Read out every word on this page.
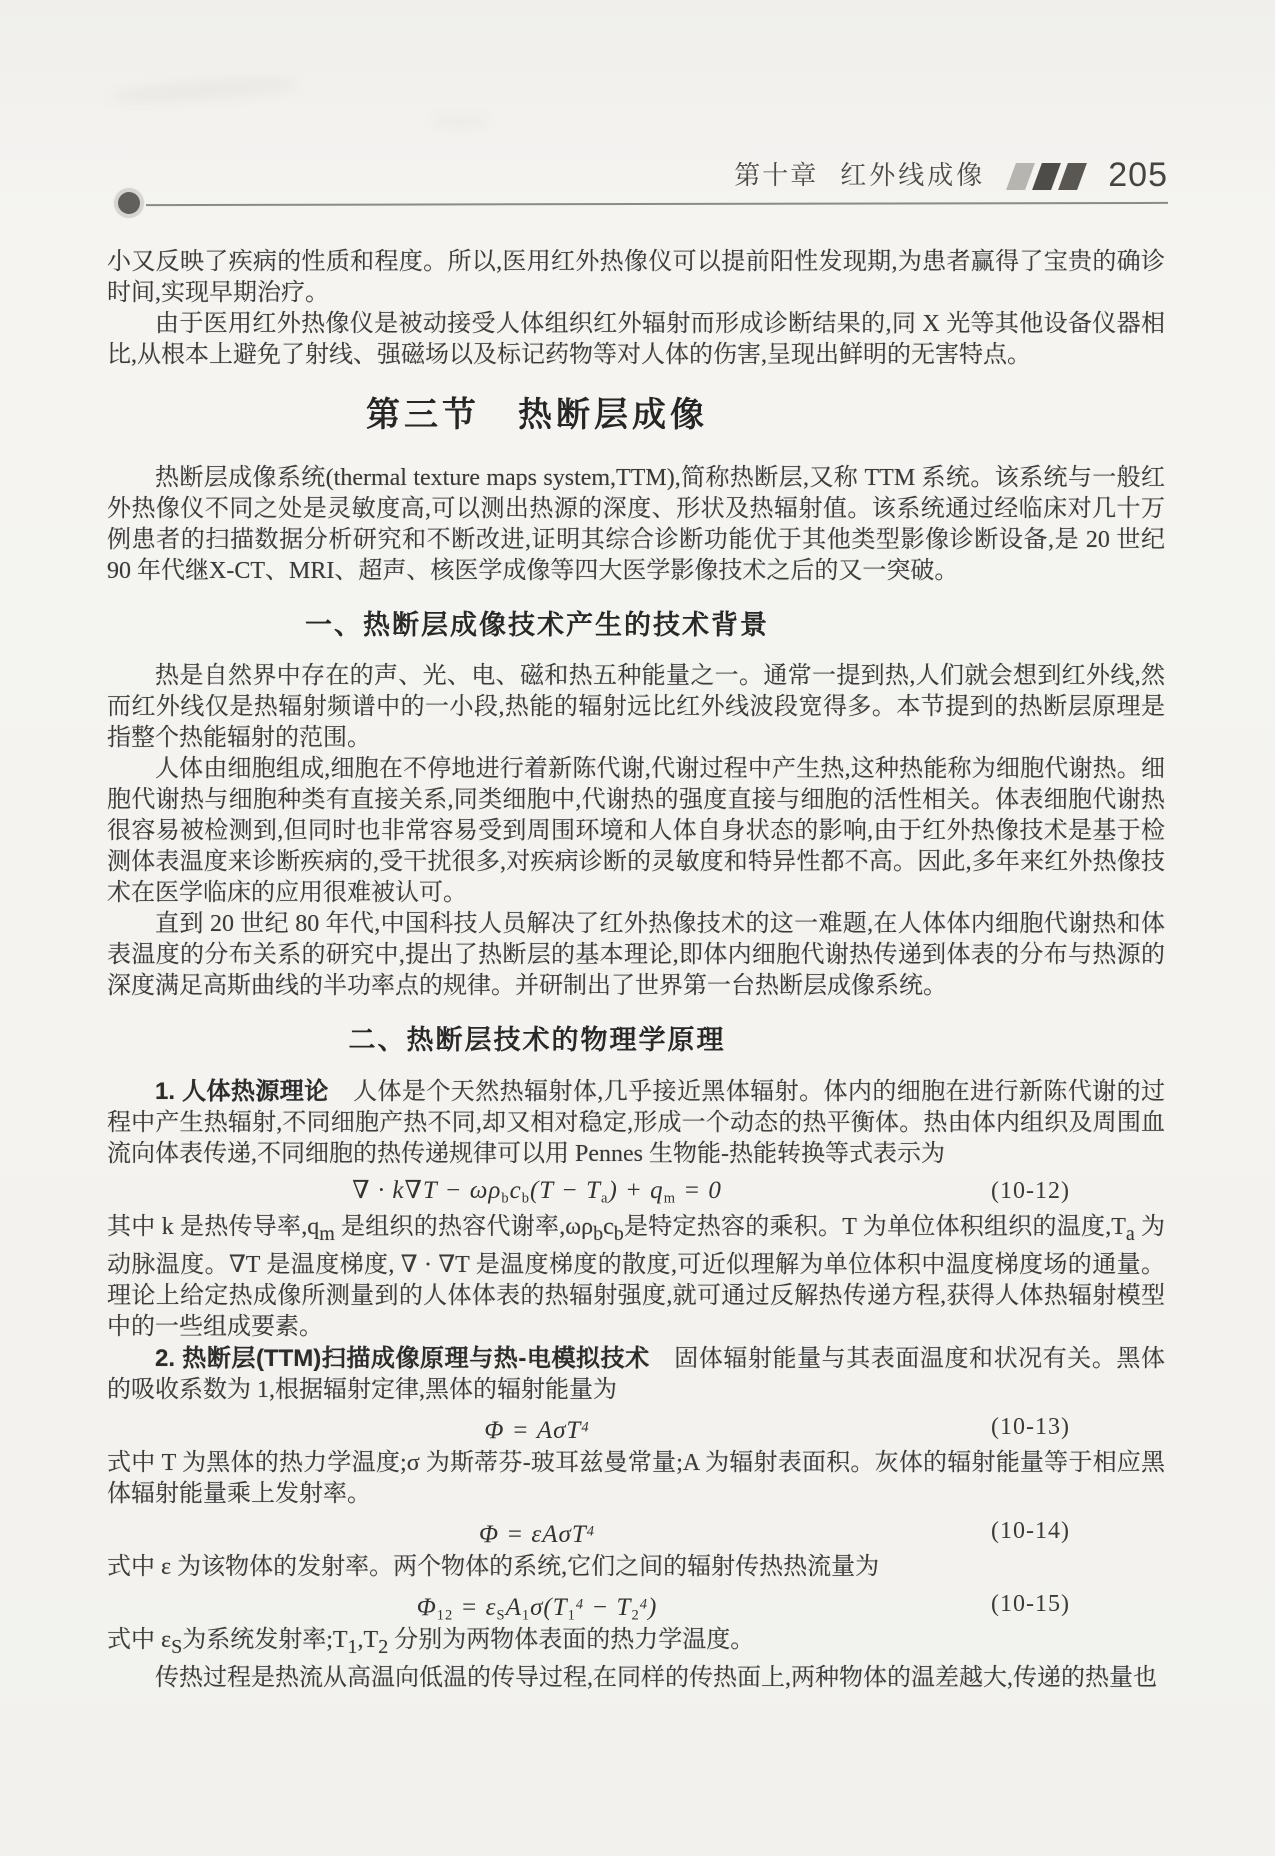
第十章 红外线成像	205

小又反映了疾病的性质和程度。所以,医用红外热像仪可以提前阳性发现期,为患者赢得了宝贵的确诊时间,实现早期治疗。

由于医用红外热像仪是被动接受人体组织红外辐射而形成诊断结果的,同 X 光等其他设备仪器相比,从根本上避免了射线、强磁场以及标记药物等对人体的伤害,呈现出鲜明的无害特点。

第三节　热断层成像

热断层成像系统(thermal texture maps system,TTM),简称热断层,又称 TTM 系统。该系统与一般红外热像仪不同之处是灵敏度高,可以测出热源的深度、形状及热辐射值。该系统通过经临床对几十万例患者的扫描数据分析研究和不断改进,证明其综合诊断功能优于其他类型影像诊断设备,是 20 世纪 90 年代继X-CT、MRI、超声、核医学成像等四大医学影像技术之后的又一突破。

一、热断层成像技术产生的技术背景

热是自然界中存在的声、光、电、磁和热五种能量之一。通常一提到热,人们就会想到红外线,然而红外线仅是热辐射频谱中的一小段,热能的辐射远比红外线波段宽得多。本节提到的热断层原理是指整个热能辐射的范围。

人体由细胞组成,细胞在不停地进行着新陈代谢,代谢过程中产生热,这种热能称为细胞代谢热。细胞代谢热与细胞种类有直接关系,同类细胞中,代谢热的强度直接与细胞的活性相关。体表细胞代谢热很容易被检测到,但同时也非常容易受到周围环境和人体自身状态的影响,由于红外热像技术是基于检测体表温度来诊断疾病的,受干扰很多,对疾病诊断的灵敏度和特异性都不高。因此,多年来红外热像技术在医学临床的应用很难被认可。

直到 20 世纪 80 年代,中国科技人员解决了红外热像技术的这一难题,在人体体内细胞代谢热和体表温度的分布关系的研究中,提出了热断层的基本理论,即体内细胞代谢热传递到体表的分布与热源的深度满足高斯曲线的半功率点的规律。并研制出了世界第一台热断层成像系统。

二、热断层技术的物理学原理

1. 人体热源理论　人体是个天然热辐射体,几乎接近黑体辐射。体内的细胞在进行新陈代谢的过程中产生热辐射,不同细胞产热不同,却又相对稳定,形成一个动态的热平衡体。热由体内组织及周围血流向体表传递,不同细胞的热传递规律可以用 Pennes 生物能-热能转换等式表示为

∇ · $k\nabla T - \omega\rho_bc_b(T - T_a) + q_m = 0$	(10-12)

其中 k 是热传导率$,q_m$ 是组织的热容代谢率$,\omega\rho_bc_b$是特定热容的乘积。T 为单位体积组织的温度$,T_a$ 为动脉温度。∇T 是温度梯度, ∇ · ∇T 是温度梯度的散度,可近似理解为单位体积中温度梯度场的通量。理论上给定热成像所测量到的人体体表的热辐射强度,就可通过反解热传递方程,获得人体热辐射模型中的一些组成要素。

2. 热断层(TTM)扫描成像原理与热-电模拟技术　固体辐射能量与其表面温度和状况有关。黑体的吸收系数为 1,根据辐射定律,黑体的辐射能量为

Φ = AσT$^4$	(10-13)

式中 T 为黑体的热力学温度;σ 为斯蒂芬-玻耳兹曼常量;A 为辐射表面积。灰体的辐射能量等于相应黑体辐射能量乘上发射率。

Φ = εAσT$^4$	(10-14)

式中 ε 为该物体的发射率。两个物体的系统,它们之间的辐射传热热流量为

$\Phi_{12} = \varepsilon_SA_1\sigma(T_1^4 - T_2^4)$	(10-15)

式中 $\varepsilon_S$为系统发射率$;T_1,T_2$ 分别为两物体表面的热力学温度。

传热过程是热流从高温向低温的传导过程,在同样的传热面上,两种物体的温差越大,传递的热量也
